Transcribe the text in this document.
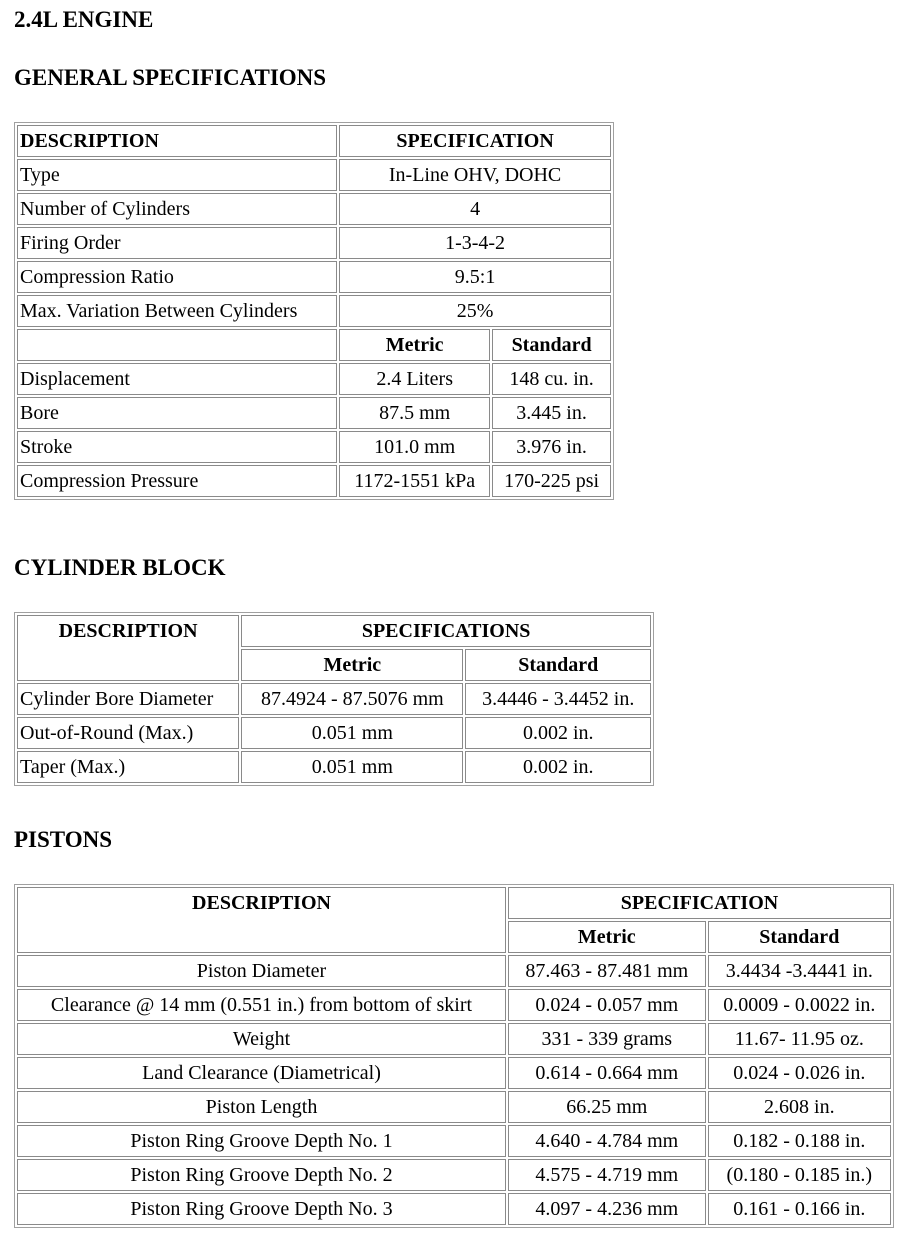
2.4L ENGINE
GENERAL SPECIFICATIONS
DESCRIPTION	SPECIFICATION	
Type	In-Line OHV, DOHC	
Number of Cylinders	4	
Firing Order	1-3-4-2	
Compression Ratio	9.5:1	
Max. Variation Between Cylinders	25%	
	Metric	Standard
Displacement	2.4 Liters	148 cu. in.
Bore	87.5 mm	3.445 in.
Stroke	101.0 mm	3.976 in.
Compression Pressure	1172-1551 kPa	170-225 psi
CYLINDER BLOCK
DESCRIPTION	SPECIFICATIONS	
	Metric	Standard
Cylinder Bore Diameter	87.4924 - 87.5076 mm	3.4446 - 3.4452 in.
Out-of-Round (Max.)	0.051 mm	0.002 in.
Taper (Max.)	0.051 mm	0.002 in.
PISTONS
DESCRIPTION	SPECIFICATION	
	Metric	Standard
Piston Diameter	87.463 - 87.481 mm	3.4434 -3.4441 in.
Clearance @ 14 mm (0.551 in.) from bottom of skirt	0.024 - 0.057 mm	0.0009 - 0.0022 in.
Weight	331 - 339 grams	11.67- 11.95 oz.
Land Clearance (Diametrical)	0.614 - 0.664 mm	0.024 - 0.026 in.
Piston Length	66.25 mm	2.608 in.
Piston Ring Groove Depth No. 1	4.640 - 4.784 mm	0.182 - 0.188 in.
Piston Ring Groove Depth No. 2	4.575 - 4.719 mm	(0.180 - 0.185 in.)
Piston Ring Groove Depth No. 3	4.097 - 4.236 mm	0.161 - 0.166 in.
